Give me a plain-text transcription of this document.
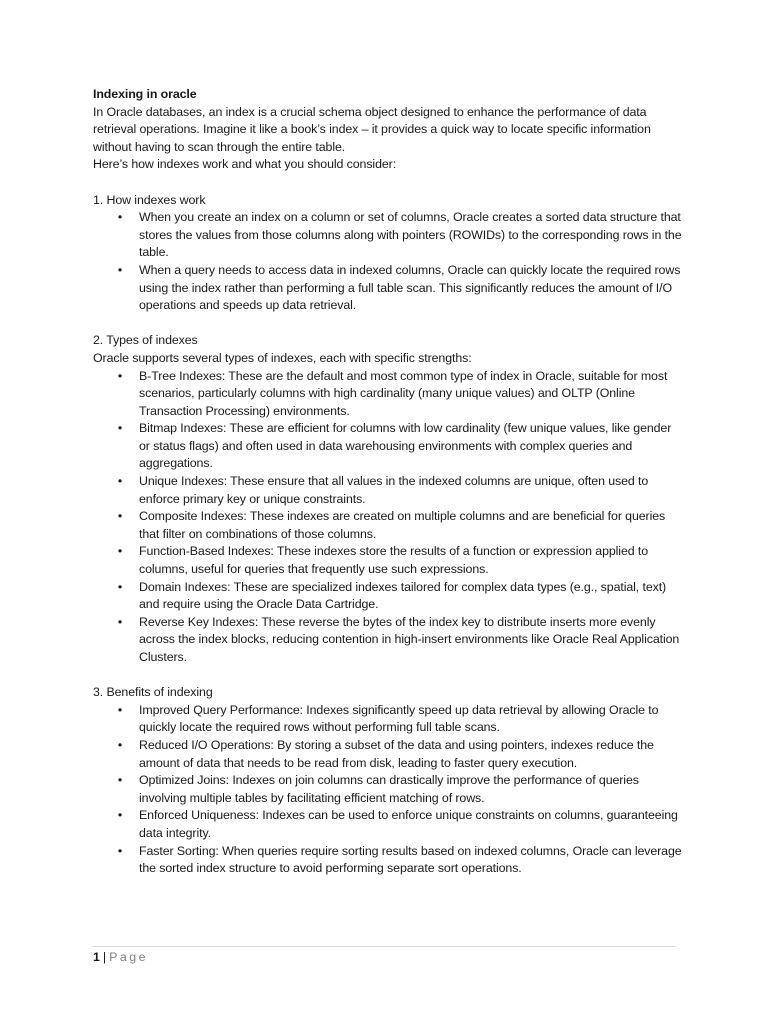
Indexing in oracle

In Oracle databases, an index is a crucial schema object designed to enhance the performance of data retrieval operations. Imagine it like a book’s index – it provides a quick way to locate specific information without having to scan through the entire table.

Here’s how indexes work and what you should consider:

1. How indexes work

• When you create an index on a column or set of columns, Oracle creates a sorted data structure that stores the values from those columns along with pointers (ROWIDs) to the corresponding rows in the table.
• When a query needs to access data in indexed columns, Oracle can quickly locate the required rows using the index rather than performing a full table scan. This significantly reduces the amount of I/O operations and speeds up data retrieval.

2. Types of indexes

Oracle supports several types of indexes, each with specific strengths:

• B-Tree Indexes: These are the default and most common type of index in Oracle, suitable for most scenarios, particularly columns with high cardinality (many unique values) and OLTP (Online Transaction Processing) environments.
• Bitmap Indexes: These are efficient for columns with low cardinality (few unique values, like gender or status flags) and often used in data warehousing environments with complex queries and aggregations.
• Unique Indexes: These ensure that all values in the indexed columns are unique, often used to enforce primary key or unique constraints.
• Composite Indexes: These indexes are created on multiple columns and are beneficial for queries that filter on combinations of those columns.
• Function-Based Indexes: These indexes store the results of a function or expression applied to columns, useful for queries that frequently use such expressions.
• Domain Indexes: These are specialized indexes tailored for complex data types (e.g., spatial, text) and require using the Oracle Data Cartridge.
• Reverse Key Indexes: These reverse the bytes of the index key to distribute inserts more evenly across the index blocks, reducing contention in high-insert environments like Oracle Real Application Clusters.

3. Benefits of indexing

• Improved Query Performance: Indexes significantly speed up data retrieval by allowing Oracle to quickly locate the required rows without performing full table scans.
• Reduced I/O Operations: By storing a subset of the data and using pointers, indexes reduce the amount of data that needs to be read from disk, leading to faster query execution.
• Optimized Joins: Indexes on join columns can drastically improve the performance of queries involving multiple tables by facilitating efficient matching of rows.
• Enforced Uniqueness: Indexes can be used to enforce unique constraints on columns, guaranteeing data integrity.
• Faster Sorting: When queries require sorting results based on indexed columns, Oracle can leverage the sorted index structure to avoid performing separate sort operations.
1 | Page
